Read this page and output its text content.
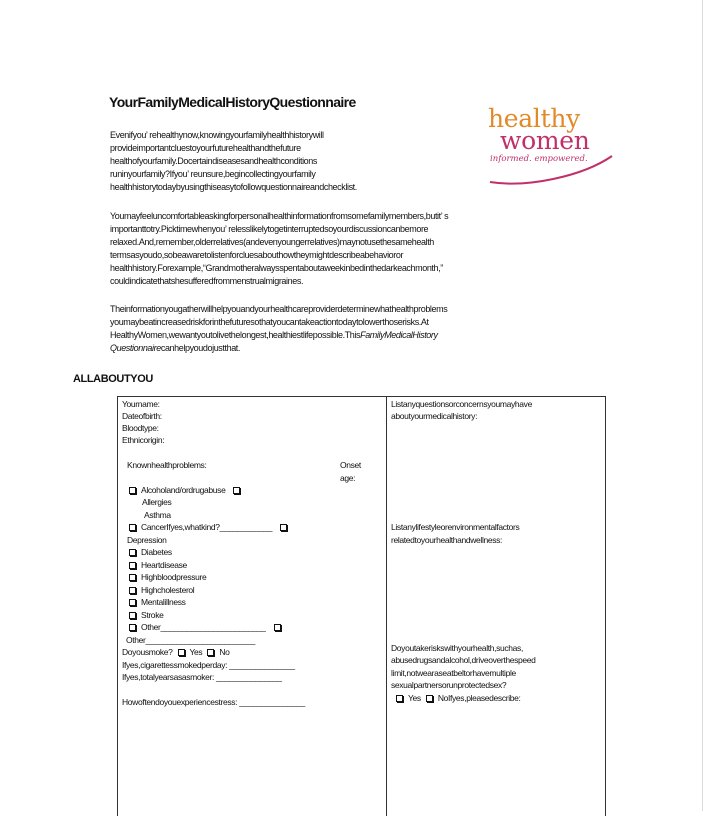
YourFamilyMedicalHistoryQuestionnaire
healthy
women
informed. empowered.
Evenifyou’ rehealthynow,knowingyourfamilyhealthhistorywill
provideimportantcluestoyourfuturehealthandthefuture
healthofyourfamily.Docertaindiseasesandhealthconditions
runinyourfamily?Ifyou’ reunsure,begincollectingyourfamily
healthhistorytodaybyusingthiseasytofollowquestionnaireandchecklist.
Youmayfeeluncomfortableaskingforpersonalhealthinformationfromsomefamilymembers,butit’ s
importanttotry.Picktimewhenyou’ relesslikelytogetinterruptedsoyourdiscussioncanbemore
relaxed.And,remember,olderrelatives(andevenyoungerrelatives)maynotusethesamehealth
termsasyoudo,sobeawaretolistenforcluesabouthowtheymightdescribeabehavioror
healthhistory.Forexample,“Grandmotheralwaysspentaboutaweekinbedinthedarkeachmonth,”
couldindicatethatshesufferedfrommenstrualmigraines.
Theinformationyougatherwillhelpyouandyourhealthcareproviderdeterminewhathealthproblems
youmaybeatincreasedriskforinthefuturesothatyoucantakeactiontodaytolowerthoserisks.At
HealthyWomen,wewantyoutolivethelongest,healthiestlifepossible.ThisFamilyMedicalHistory
Questionnairecanhelpyoudojustthat.
ALLABOUTYOU
Yourname:
Dateofbirth:
Bloodtype:
Ethnicorigin:
Knownhealthproblems:	Onset
age:
Alcoholand/ordrugabuse
Allergies
Asthma
CancerIfyes,whatkind?____________
Depression
Diabetes
Heartdisease
Highbloodpressure
Highcholesterol
Mentalillness
Stroke
Other________________________
Other_________________________
Doyousmoke? Yes No
Ifyes,cigarettessmokedperday: _______________
Ifyes,totalyearsasasmoker: _______________
Howoftendoyouexperiencestress: _______________
Listanyquestionsorconcernsyoumayhave
aboutyourmedicalhistory:
Listanylifestyleorenvironmentalfactors
relatedtoyourhealthandwellness:
Doyoutakeriskswithyourhealth,suchas,
abusedrugsandalcohol,driveoverthespeed
limit,notwearaseatbeltorhavemultiple
sexualpartnersorunprotectedsex?
Yes NoIfyes,pleasedescribe:
